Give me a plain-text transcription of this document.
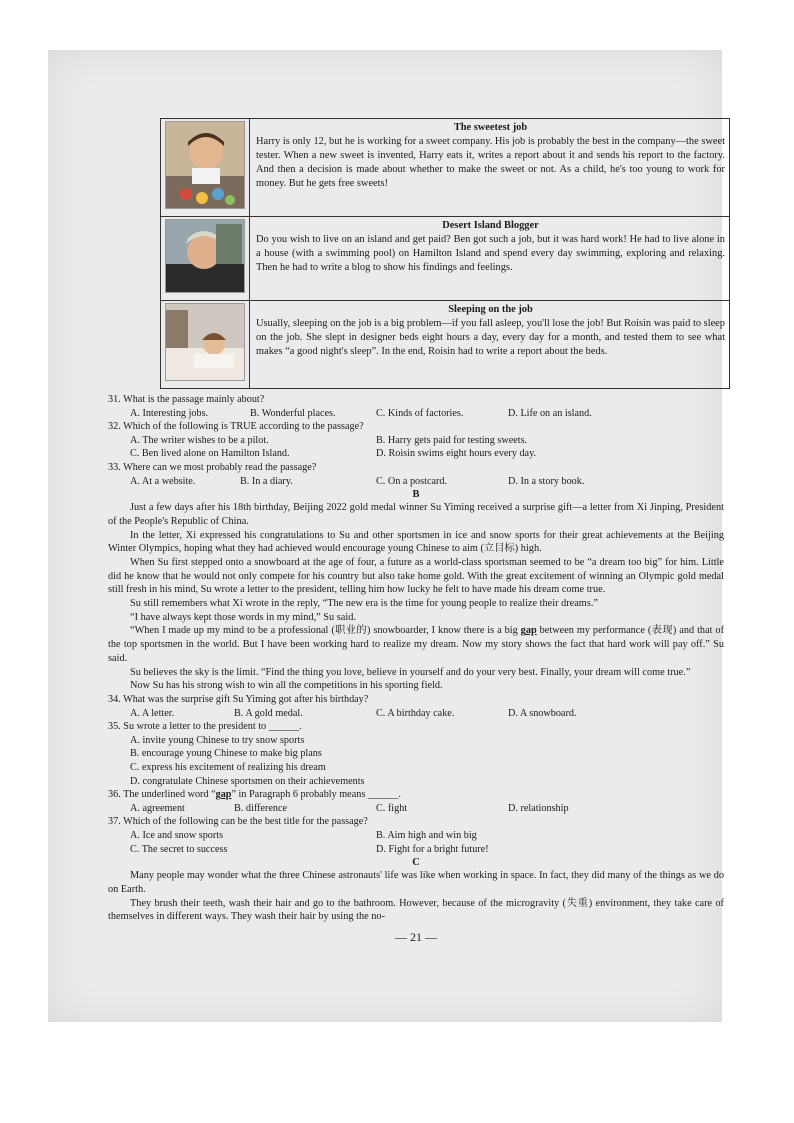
The sweetest job
Harry is only 12, but he is working for a sweet company. His job is probably the best in the company—the sweet tester. When a new sweet is invented, Harry eats it, writes a report about it and sends his report to the factory. And then a decision is made about whether to make the sweet or not. As a child, he's too young to work for money. But he gets free sweets!

Desert Island Blogger
Do you wish to live on an island and get paid? Ben got such a job, but it was hard work! He had to live alone in a house (with a swimming pool) on Hamilton Island and spend every day swimming, exploring and relaxing. Then he had to write a blog to show his findings and feelings.

Sleeping on the job
Usually, sleeping on the job is a big problem—if you fall asleep, you'll lose the job! But Roisin was paid to sleep on the job. She slept in designer beds eight hours a day, every day for a month, and tested them to see what makes “a good night's sleep”. In the end, Roisin had to write a report about the beds.
31. What is the passage mainly about?
A. Interesting jobs.	B. Wonderful places.	C. Kinds of factories.	D. Life on an island.
32. Which of the following is TRUE according to the passage?
A. The writer wishes to be a pilot.	B. Harry gets paid for testing sweets.
C. Ben lived alone on Hamilton Island.	D. Roisin swims eight hours every day.
33. Where can we most probably read the passage?
A. At a website.	B. In a diary.	C. On a postcard.	D. In a story book.
B
Just a few days after his 18th birthday, Beijing 2022 gold medal winner Su Yiming received a surprise gift—a letter from Xi Jinping, President of the People's Republic of China.
In the letter, Xi expressed his congratulations to Su and other sportsmen in ice and snow sports for their great achievements at the Beijing Winter Olympics, hoping what they had achieved would encourage young Chinese to aim (立目标) high.
When Su first stepped onto a snowboard at the age of four, a future as a world-class sportsman seemed to be “a dream too big” for him. Little did he know that he would not only compete for his country but also take home gold. With the great excitement of winning an Olympic gold medal still fresh in his mind, Su wrote a letter to the president, telling him how lucky he felt to have made his dream come true.
Su still remembers what Xi wrote in the reply, “The new era is the time for young people to realize their dreams.”
“I have always kept those words in my mind,” Su said.
“When I made up my mind to be a professional (职业的) snowboarder, I know there is a big gap between my performance (表现) and that of the top sportsmen in the world. But I have been working hard to realize my dream. Now my story shows the fact that hard work will pay off.” Su said.
Su believes the sky is the limit. “Find the thing you love, believe in yourself and do your very best. Finally, your dream will come true.”
Now Su has his strong wish to win all the competitions in his sporting field.
34. What was the surprise gift Su Yiming got after his birthday?
A. A letter.	B. A gold medal.	C. A birthday cake.	D. A snowboard.
35. Su wrote a letter to the president to ______.
A. invite young Chinese to try snow sports
B. encourage young Chinese to make big plans
C. express his excitement of realizing his dream
D. congratulate Chinese sportsmen on their achievements
36. The underlined word “gap” in Paragraph 6 probably means ______.
A. agreement	B. difference	C. fight	D. relationship
37. Which of the following can be the best title for the passage?
A. Ice and snow sports	B. Aim high and win big
C. The secret to success	D. Fight for a bright future!
C
Many people may wonder what the three Chinese astronauts' life was like when working in space. In fact, they did many of the things as we do on Earth.
They brush their teeth, wash their hair and go to the bathroom. However, because of the microgravity (失重) environment, they take care of themselves in different ways. They wash their hair by using the no-
— 21 —
